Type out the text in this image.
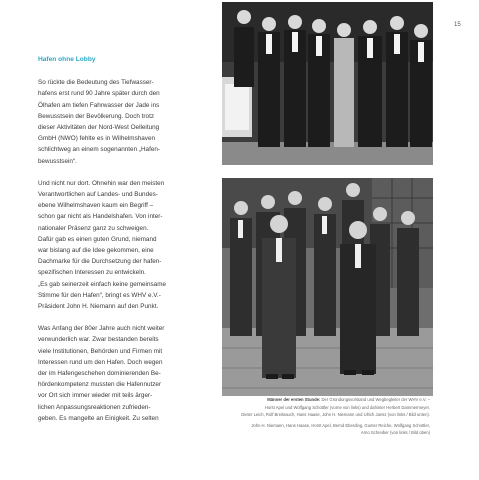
15
Hafen ohne Lobby
So rückte die Bedeutung des Tiefwasser-
hafens erst rund 90 Jahre später durch den
Ölhafen am tiefen Fahrwasser der Jade ins
Bewusstsein der Bevölkerung. Doch trotz
dieser Aktivitäten der Nord-West Oelleitung
GmbH (NWO) fehlte es in Wilhelmshaven
schlichtweg an einem sogenannten „Hafen-
bewusstsein“.
Und nicht nur dort. Ohnehin war den meisten
Verantwortlichen auf Landes- und Bundes-
ebene Wilhelmshaven kaum ein Begriff –
schon gar nicht als Handelshafen. Von inter-
nationaler Präsenz ganz zu schweigen.
Dafür gab es einen guten Grund, niemand
war bislang auf die Idee gekommen, eine
Dachmarke für die Durchsetzung der hafen-
spezifischen Interessen zu entwickeln.
„Es gab seinerzeit einfach keine gemeinsame
Stimme für den Hafen“, bringt es WHV e.V.-
Präsident John H. Niemann auf den Punkt.
Was Anfang der 80er Jahre auch nicht weiter
verwunderlich war. Zwar bestanden bereits
viele Institutionen, Behörden und Firmen mit
Interessen rund um den Hafen. Doch wegen
der im Hafengeschehen dominierenden Be-
hördenkompetenz mussten die Hafennutzer
vor Ort sich immer wieder mit teils ärger-
lichen Anpassungsreaktionen zufrieden-
geben. Es mangelte an Einigkeit. Zu selten
Männer der ersten Stunde: Der Gründungsvorstand und Wegbegleiter der WHV e.V. –
Horst Apel und Wolfgang Schottler (vorne von links) und dahinter Herbert Dammermeyer,
Dieter Leich, Rolf Breitsauch, Hans Haase, John H. Niemann und Ulrich Jansz (von links / Bild unten).
John H. Niemann, Hans Haase, Horst Apel, Bernd Eberding, Gunter Reiche, Wolfgang Schottler,
Arno Schreiber (von links / Bild oben)
